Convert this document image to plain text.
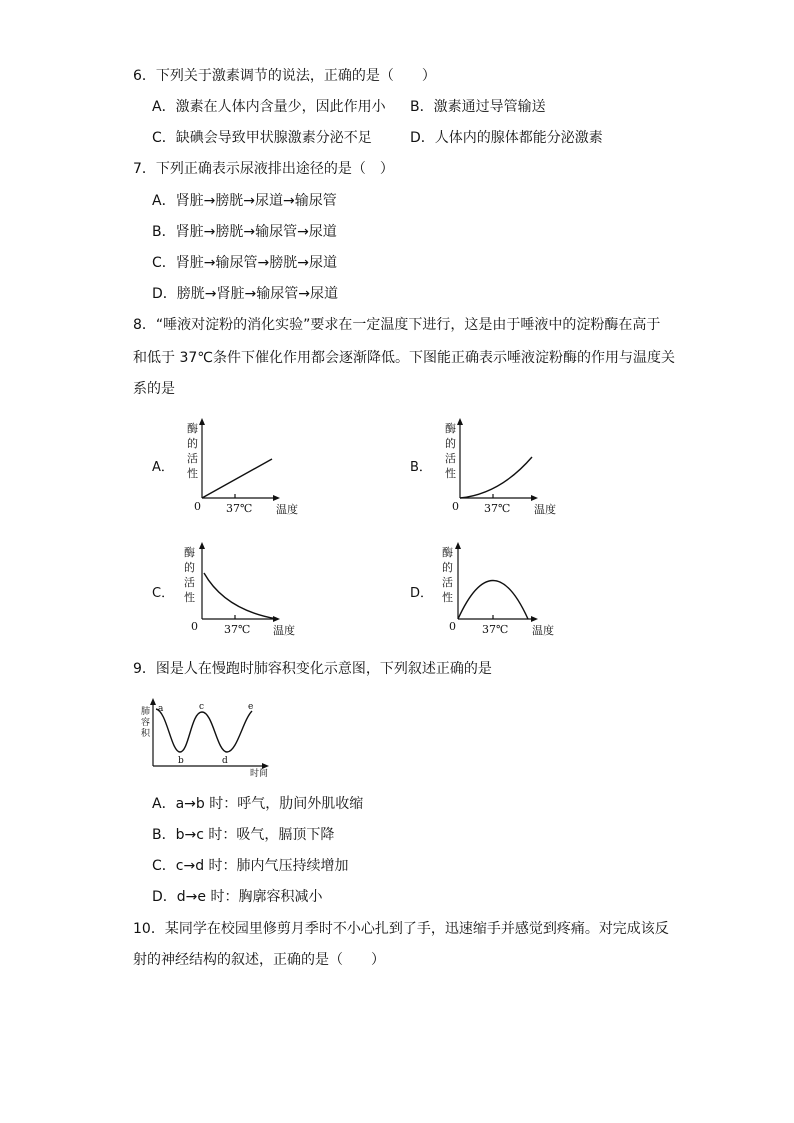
6．下列关于激素调节的说法，正确的是（　　）
A．激素在人体内含量少，因此作用小 B．激素通过导管输送
C．缺碘会导致甲状腺激素分泌不足	D．人体内的腺体都能分泌激素
7．下列正确表示尿液排出途径的是（　）
A．肾脏→膀胱→尿道→输尿管
B．肾脏→膀胱→输尿管→尿道
C．肾脏→输尿管→膀胱→尿道
D．膀胱→肾脏→输尿管→尿道
8．“唾液对淀粉的消化实验”要求在一定温度下进行，这是由于唾液中的淀粉酶在高于
和低于 37℃条件下催化作用都会逐渐降低。下图能正确表示唾液淀粉酶的作用与温度关
系的是
A．
酶
的
活
性
0 37℃ 温度
B．
酶
的
活
性
0 37℃ 温度
C．
酶
的
活
性
0 37℃ 温度
D．
酶
的
活
性
0 37℃ 温度
9．图是人在慢跑时肺容积变化示意图，下列叙述正确的是
肺
容
积
时间
a
b
c
d
e
A．a→b 时：呼气，肋间外肌收缩
B．b→c 时：吸气，膈顶下降
C．c→d 时：肺内气压持续增加
D．d→e 时：胸廓容积减小
10．某同学在校园里修剪月季时不小心扎到了手，迅速缩手并感觉到疼痛。对完成该反
射的神经结构的叙述，正确的是（　　）
